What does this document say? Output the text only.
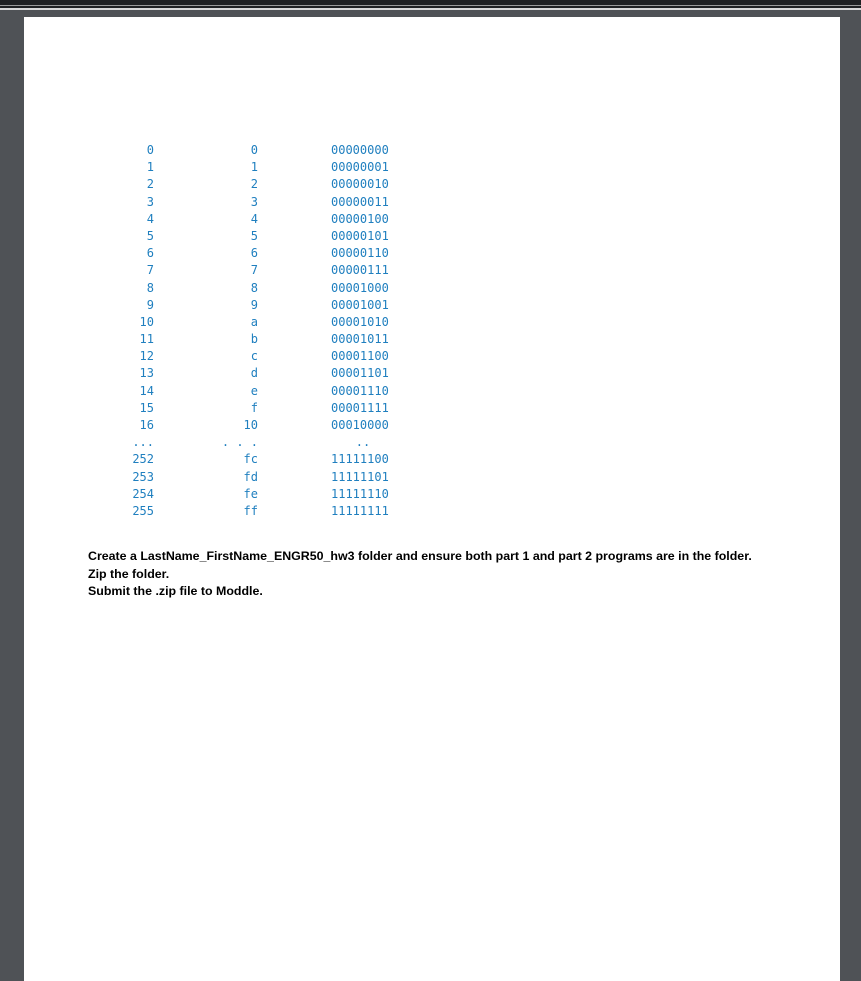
0	0	00000000
1	1	00000001
2	2	00000010
3	3	00000011
4	4	00000100
5	5	00000101
6	6	00000110
7	7	00000111
8	8	00001000
9	9	00001001
10	a	00001010
11	b	00001011
12	c	00001100
13	d	00001101
14	e	00001110
15	f	00001111
16	10	00010000
...	. . .	..
252	fc	11111100
253	fd	11111101
254	fe	11111110
255	ff	11111111
Create a LastName_FirstName_ENGR50_hw3 folder and ensure both part 1 and part 2 programs are in the folder.
Zip the folder.
Submit the .zip file to Moddle.
